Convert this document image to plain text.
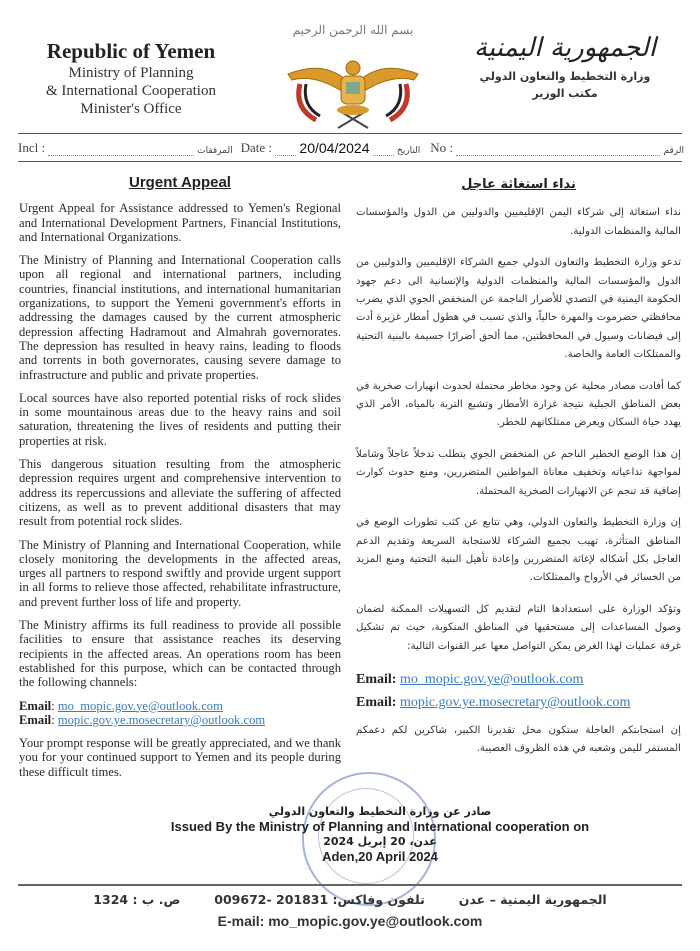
Republic of Yemen
Ministry of Planning
& International Cooperation
Minister's Office
بسم الله الرحمن الرحيم
الجمهورية اليمنية
وزارة التخطيط والتعاون الدولي
مكتب الوزير
Incl :	المرفقات Date : 20/04/2024	التاريخ No :	الرقم
Urgent Appeal

Urgent Appeal for Assistance addressed to Yemen's Regional and International Development Partners, Financial Institutions, and International Organizations.

The Ministry of Planning and International Cooperation calls upon all regional and international partners, including countries, financial institutions, and international humanitarian organizations, to support the Yemeni government's efforts in addressing the damages caused by the current atmospheric depression affecting Hadramout and Almahrah governorates. The depression has resulted in heavy rains, leading to floods and torrents in both governorates, causing severe damage to infrastructure and public and private properties.

Local sources have also reported potential risks of rock slides in some mountainous areas due to the heavy rains and soil saturation, threatening the lives of residents and putting their properties at risk.

This dangerous situation resulting from the atmospheric depression requires urgent and comprehensive intervention to address its repercussions and alleviate the suffering of affected citizens, as well as to prevent additional disasters that may result from potential rock slides.

The Ministry of Planning and International Cooperation, while closely monitoring the developments in the affected areas, urges all partners to respond swiftly and provide urgent support in all forms to relieve those affected, rehabilitate infrastructure, and prevent further loss of life and property.

The Ministry affirms its full readiness to provide all possible facilities to ensure that assistance reaches its deserving recipients in the affected areas. An operations room has been established for this purpose, which can be contacted through the following channels:

Email: mo_mopic.gov.ye@outlook.com
Email: mopic.gov.ye.mosecretary@outlook.com

Your prompt response will be greatly appreciated, and we thank you for your continued support to Yemen and its people during these difficult times.

نداء استغاثة عاجل

نداء استغاثة إلى شركاء اليمن الإقليميين والدوليين من الدول والمؤسسات المالية والمنظمات الدولية.

تدعو وزارة التخطيط والتعاون الدولي جميع الشركاء الإقليميين والدوليين من الدول والمؤسسات المالية والمنظمات الدولية والإنسانية الى دعم جهود الحكومة اليمنية في التصدي للأضرار الناجمة عن المنخفض الجوي الذي يضرب محافظتي حضرموت والمهرة حالياً، والذي تسبب في هطول أمطار غزيرة أدت إلى فيضانات وسيول في المحافظتين، مما ألحق أضرارًا جسيمة بالبنية التحتية والممتلكات العامة والخاصة.

كما أفادت مصادر محلية عن وجود مخاطر محتملة لحدوث انهيارات صخرية في بعض المناطق الجبلية نتيجة غزارة الأمطار وتشبع التربة بالمياه، الأمر الذي يهدد حياة السكان ويعرض ممتلكاتهم للخطر.

إن هذا الوضع الخطير الناجم عن المنخفض الجوي يتطلب تدخلاً عاجلاً وشاملاً لمواجهة تداعياته وتخفيف معاناة المواطنين المتضررين، ومنع حدوث كوارث إضافية قد تنجم عن الانهيارات الصخرية المحتملة.

إن وزارة التخطيط والتعاون الدولي، وهي تتابع عن كثب تطورات الوضع في المناطق المتأثرة، تهيب بجميع الشركاء للاستجابة السريعة وتقديم الدعم العاجل بكل أشكاله لإغاثة المتضررين وإعادة تأهيل البنية التحتية ومنع المزيد من الخسائر في الأرواح والممتلكات.

وتؤكد الوزارة على استعدادها التام لتقديم كل التسهيلات الممكنة لضمان وصول المساعدات إلى مستحقيها في المناطق المنكوبة، حيث تم تشكيل غرفة عمليات لهذا الغرض يمكن التواصل معها عبر القنوات التالية:

Email: mo_mopic.gov.ye@outlook.com
Email: mopic.gov.ye.mosecretary@outlook.com

إن استجابتكم العاجلة ستكون محل تقديرنا الكبير، شاكرين لكم دعمكم المستمر لليمن وشعبه في هذه الظروف العصيبة.

صادر عن وزارة التخطيط والتعاون الدولي
Issued By the Ministry of Planning and International cooperation on
عدن، 20 إبريل 2024
Aden,20 April 2024
الجمهورية اليمنية – عدن
تلفون وفاكس: 201831 -009672
ص. ب : 1324
E-mail: mo_mopic.gov.ye@outlook.com
